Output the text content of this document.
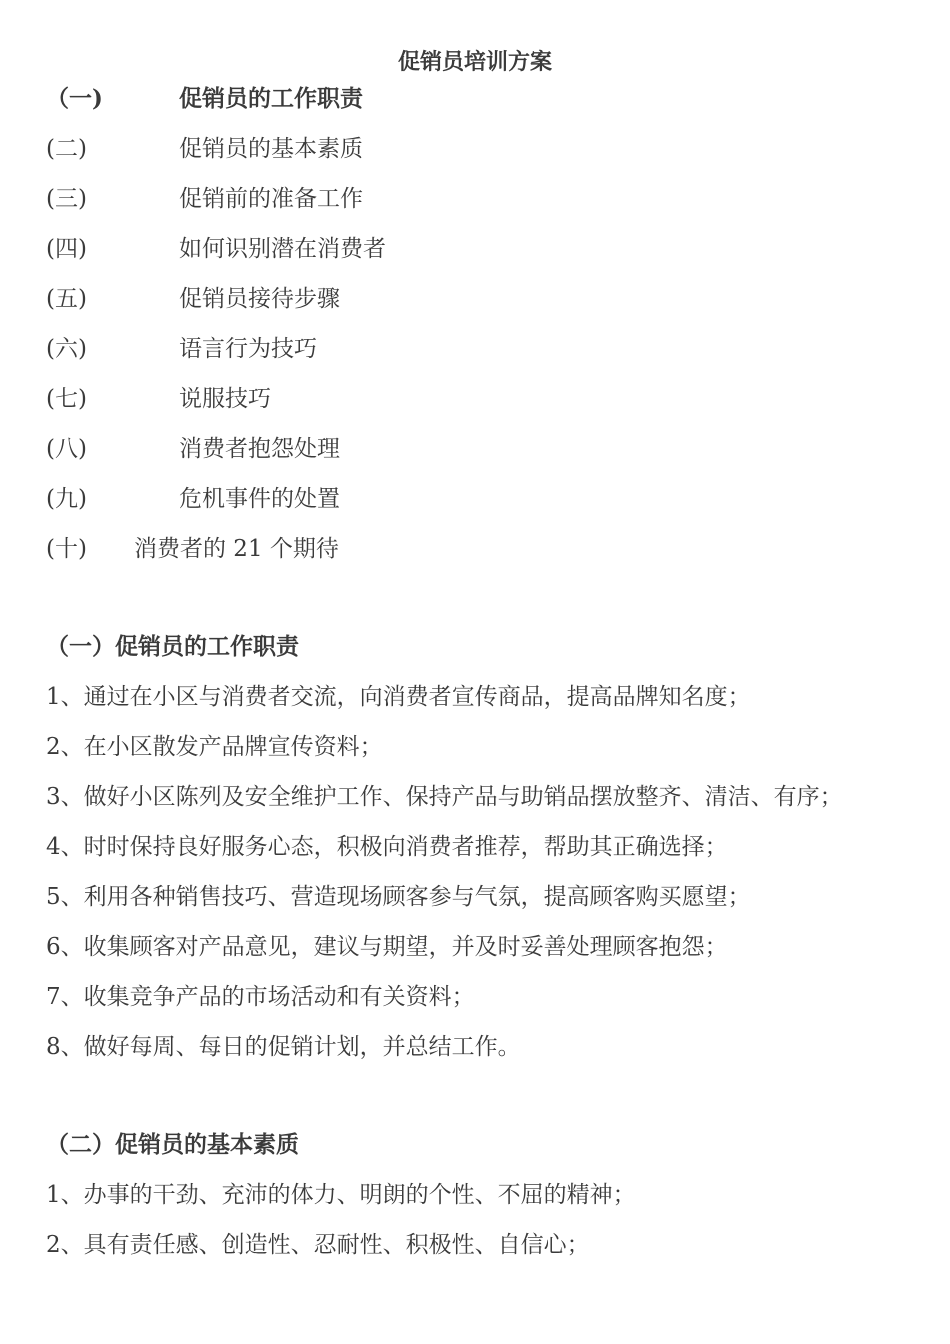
促销员培训方案
（一)	促销员的工作职责
(二)	促销员的基本素质
(三)	促销前的准备工作
(四)	如何识别潜在消费者
(五)	促销员接待步骤
(六)	语言行为技巧
(七)	说服技巧
(八)	消费者抱怨处理
(九)	危机事件的处置
(十) 消费者的 21 个期待
（一）促销员的工作职责
1、通过在小区与消费者交流，向消费者宣传商品，提高品牌知名度；
2、在小区散发产品牌宣传资料；
3、做好小区陈列及安全维护工作、保持产品与助销品摆放整齐、清洁、有序；
4、时时保持良好服务心态，积极向消费者推荐，帮助其正确选择；
5、利用各种销售技巧、营造现场顾客参与气氛，提高顾客购买愿望；
6、收集顾客对产品意见，建议与期望，并及时妥善处理顾客抱怨；
7、收集竞争产品的市场活动和有关资料；
8、做好每周、每日的促销计划，并总结工作。
（二）促销员的基本素质
1、办事的干劲、充沛的体力、明朗的个性、不屈的精神；
2、具有责任感、创造性、忍耐性、积极性、自信心；
